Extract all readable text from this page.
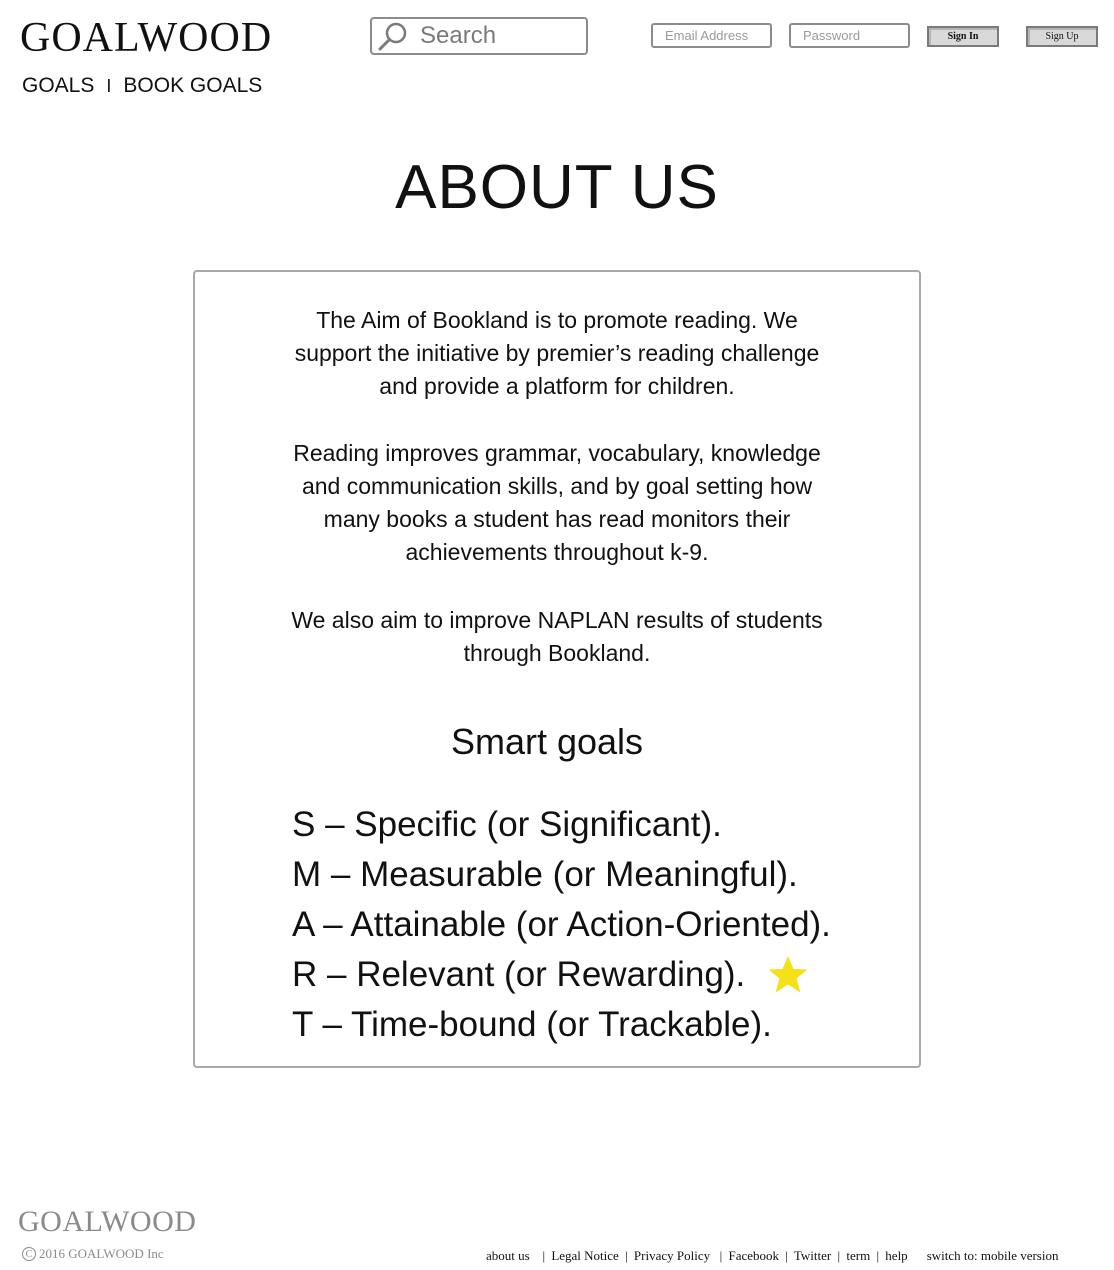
GOALWOOD
GOALS I BOOK GOALS
Search
Email Address
Sign In	Sign Up
ABOUT US
The Aim of Bookland is to promote reading. We
support the initiative by premier’s reading challenge
and provide a platform for children.
Reading improves grammar, vocabulary, knowledge
and communication skills, and by goal setting how
many books a student has read monitors their
achievements throughout k-9.
We also aim to improve NAPLAN results of students
through Bookland.
Smart goals
S – Specific (or Significant).
M – Measurable (or Meaningful).
A – Attainable (or Action-Oriented).
R – Relevant (or Rewarding).
T – Time-bound (or Trackable).
GOALWOOD
C 2016 GOALWOOD Inc	about us   | Legal Notice | Privacy Policy  | Facebook | Twitter | term | help switch to: mobile version
